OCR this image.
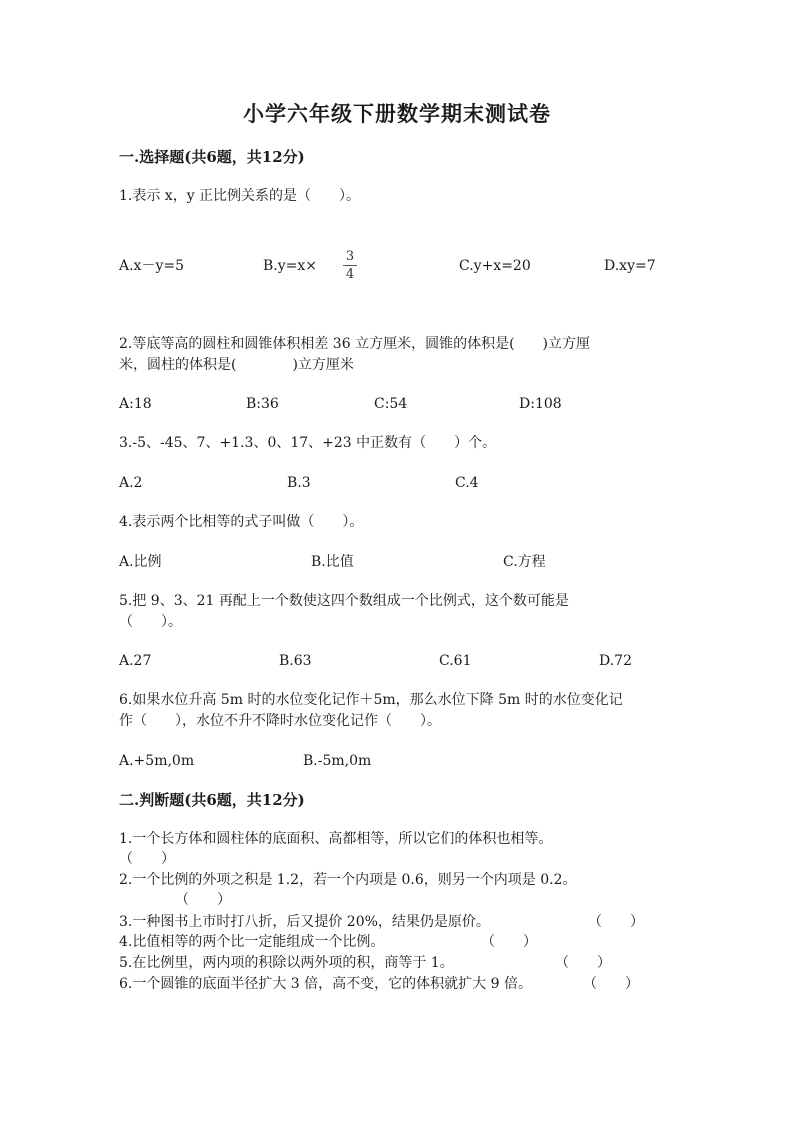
小学六年级下册数学期末测试卷
一.选择题(共6题，共12分)
1.表示 x，y 正比例关系的是（　　）。
A.x－y=5	B.y=x×
3
4
C.y+x=20	D.xy=7
2.等底等高的圆柱和圆锥体积相差 36 立方厘米，圆锥的体积是(　　)立方厘
米，圆柱的体积是(　　　　)立方厘米
A:18	B:36	C:54	D:108
3.-5、-45、7、+1.3、0、17、+23 中正数有（　　）个。
A.2	B.3	C.4
4.表示两个比相等的式子叫做（　　）。
A.比例	B.比值	C.方程
5.把 9、3、21 再配上一个数使这四个数组成一个比例式，这个数可能是
（　　）。
A.27	B.63	C.61	D.72
6.如果水位升高 5m 时的水位变化记作＋5m，那么水位下降 5m 时的水位变化记
作（　　），水位不升不降时水位变化记作（　　）。
A.+5m,0m	B.-5m,0m
二.判断题(共6题，共12分)
1.一个长方体和圆柱体的底面积、高都相等，所以它们的体积也相等。
（　　）
2.一个比例的外项之积是 1.2，若一个内项是 0.6，则另一个内项是 0.2。
（　　）
3.一种图书上市时打八折，后又提价 20%，结果仍是原价。	（　　）
4.比值相等的两个比一定能组成一个比例。	（　　）
5.在比例里，两内项的积除以两外项的积，商等于 1。	（　　）
6.一个圆锥的底面半径扩大 3 倍，高不变，它的体积就扩大 9 倍。	（　　）
